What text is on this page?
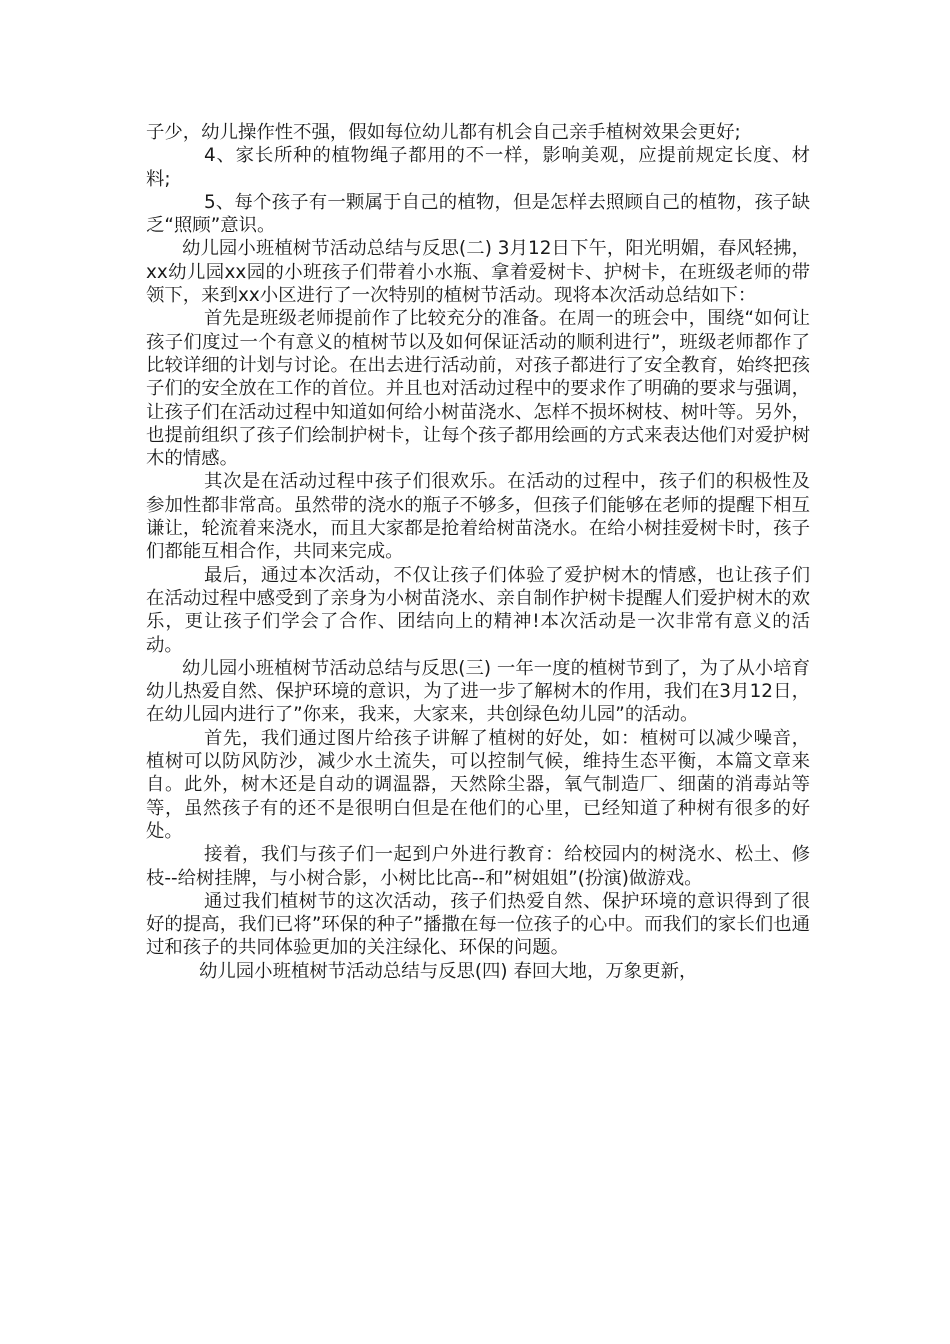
子少，幼儿操作性不强，假如每位幼儿都有机会自己亲手植树效果会更好;

4、家长所种的植物绳子都用的不一样，影响美观，应提前规定长度、材料;

5、每个孩子有一颗属于自己的植物，但是怎样去照顾自己的植物，孩子缺乏“照顾”意识。

幼儿园小班植树节活动总结与反思(二) 3月12日下午，阳光明媚，春风轻拂，xx幼儿园xx园的小班孩子们带着小水瓶、拿着爱树卡、护树卡，在班级老师的带领下，来到xx小区进行了一次特别的植树节活动。现将本次活动总结如下：

首先是班级老师提前作了比较充分的准备。在周一的班会中，围绕“如何让孩子们度过一个有意义的植树节以及如何保证活动的顺利进行”，班级老师都作了比较详细的计划与讨论。在出去进行活动前，对孩子都进行了安全教育，始终把孩子们的安全放在工作的首位。并且也对活动过程中的要求作了明确的要求与强调，让孩子们在活动过程中知道如何给小树苗浇水、怎样不损坏树枝、树叶等。另外，也提前组织了孩子们绘制护树卡，让每个孩子都用绘画的方式来表达他们对爱护树木的情感。

其次是在活动过程中孩子们很欢乐。在活动的过程中，孩子们的积极性及参加性都非常高。虽然带的浇水的瓶子不够多，但孩子们能够在老师的提醒下相互谦让，轮流着来浇水，而且大家都是抢着给树苗浇水。在给小树挂爱树卡时，孩子们都能互相合作，共同来完成。

最后，通过本次活动，不仅让孩子们体验了爱护树木的情感，也让孩子们在活动过程中感受到了亲身为小树苗浇水、亲自制作护树卡提醒人们爱护树木的欢乐，更让孩子们学会了合作、团结向上的精神!本次活动是一次非常有意义的活动。

幼儿园小班植树节活动总结与反思(三) 一年一度的植树节到了，为了从小培育幼儿热爱自然、保护环境的意识，为了进一步了解树木的作用，我们在3月12日，在幼儿园内进行了”你来，我来，大家来，共创绿色幼儿园”的活动。

首先，我们通过图片给孩子讲解了植树的好处，如：植树可以减少噪音，植树可以防风防沙，减少水土流失，可以控制气候，维持生态平衡，本篇文章来自。此外，树木还是自动的调温器，天然除尘器，氧气制造厂、细菌的消毒站等等，虽然孩子有的还不是很明白但是在他们的心里，已经知道了种树有很多的好处。

接着，我们与孩子们一起到户外进行教育：给校园内的树浇水、松土、修枝--给树挂牌，与小树合影，小树比比高--和”树姐姐”(扮演)做游戏。

通过我们植树节的这次活动，孩子们热爱自然、保护环境的意识得到了很好的提高，我们已将”环保的种子”播撒在每一位孩子的心中。而我们的家长们也通过和孩子的共同体验更加的关注绿化、环保的问题。

幼儿园小班植树节活动总结与反思(四) 春回大地，万象更新，
